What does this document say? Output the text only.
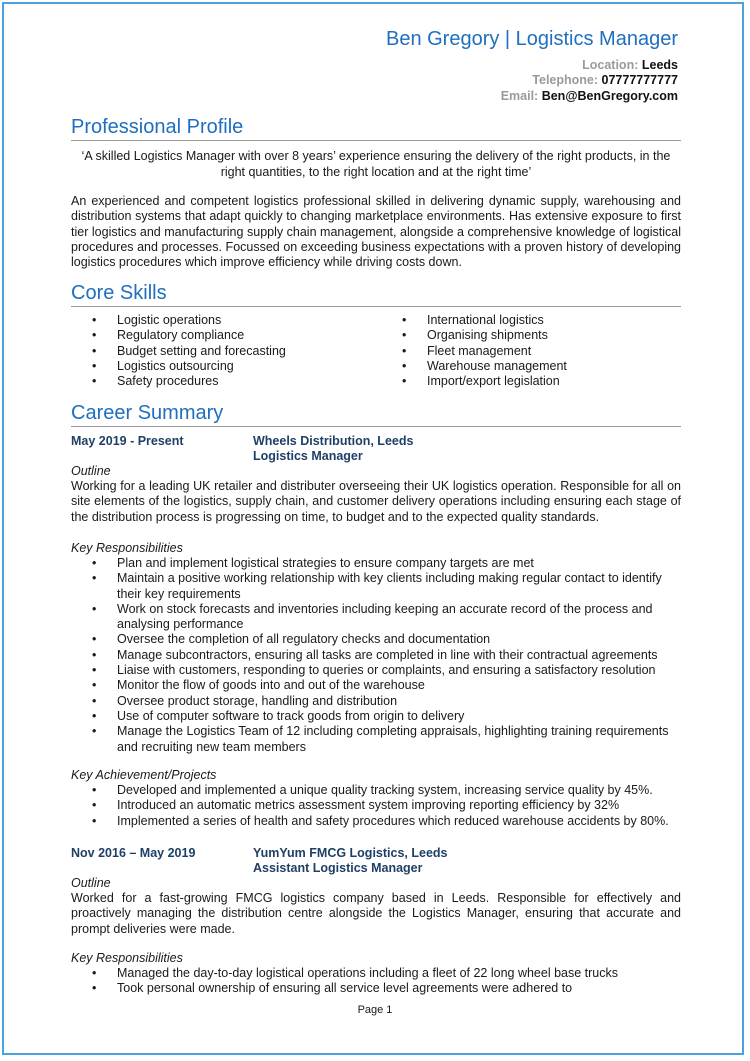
Ben Gregory | Logistics Manager
Location: Leeds
Telephone: 07777777777
Email: Ben@BenGregory.com
Professional Profile
‘A skilled Logistics Manager with over 8 years’ experience ensuring the delivery of the right products, in the right quantities, to the right location and at the right time’
An experienced and competent logistics professional skilled in delivering dynamic supply, warehousing and distribution systems that adapt quickly to changing marketplace environments. Has extensive exposure to first tier logistics and manufacturing supply chain management, alongside a comprehensive knowledge of logistical procedures and processes. Focussed on exceeding business expectations with a proven history of developing logistics procedures which improve efficiency while driving costs down.
Core Skills
• Logistic operations
• Regulatory compliance
• Budget setting and forecasting
• Logistics outsourcing
• Safety procedures
• International logistics
• Organising shipments
• Fleet management
• Warehouse management
• Import/export legislation
Career Summary
May 2019 - Present	Wheels Distribution, Leeds
Logistics Manager
Outline
Working for a leading UK retailer and distributer overseeing their UK logistics operation. Responsible for all on site elements of the logistics, supply chain, and customer delivery operations including ensuring each stage of the distribution process is progressing on time, to budget and to the expected quality standards.
Key Responsibilities
• Plan and implement logistical strategies to ensure company targets are met
• Maintain a positive working relationship with key clients including making regular contact to identify their key requirements
• Work on stock forecasts and inventories including keeping an accurate record of the process and analysing performance
• Oversee the completion of all regulatory checks and documentation
• Manage subcontractors, ensuring all tasks are completed in line with their contractual agreements
• Liaise with customers, responding to queries or complaints, and ensuring a satisfactory resolution
• Monitor the flow of goods into and out of the warehouse
• Oversee product storage, handling and distribution
• Use of computer software to track goods from origin to delivery
• Manage the Logistics Team of 12 including completing appraisals, highlighting training requirements and recruiting new team members
Key Achievement/Projects
• Developed and implemented a unique quality tracking system, increasing service quality by 45%.
• Introduced an automatic metrics assessment system improving reporting efficiency by 32%
• Implemented a series of health and safety procedures which reduced warehouse accidents by 80%.
Nov 2016 – May 2019	YumYum FMCG Logistics, Leeds
Assistant Logistics Manager
Outline
Worked for a fast-growing FMCG logistics company based in Leeds. Responsible for effectively and proactively managing the distribution centre alongside the Logistics Manager, ensuring that accurate and prompt deliveries were made.
Key Responsibilities
• Managed the day-to-day logistical operations including a fleet of 22 long wheel base trucks
• Took personal ownership of ensuring all service level agreements were adhered to
Page 1
